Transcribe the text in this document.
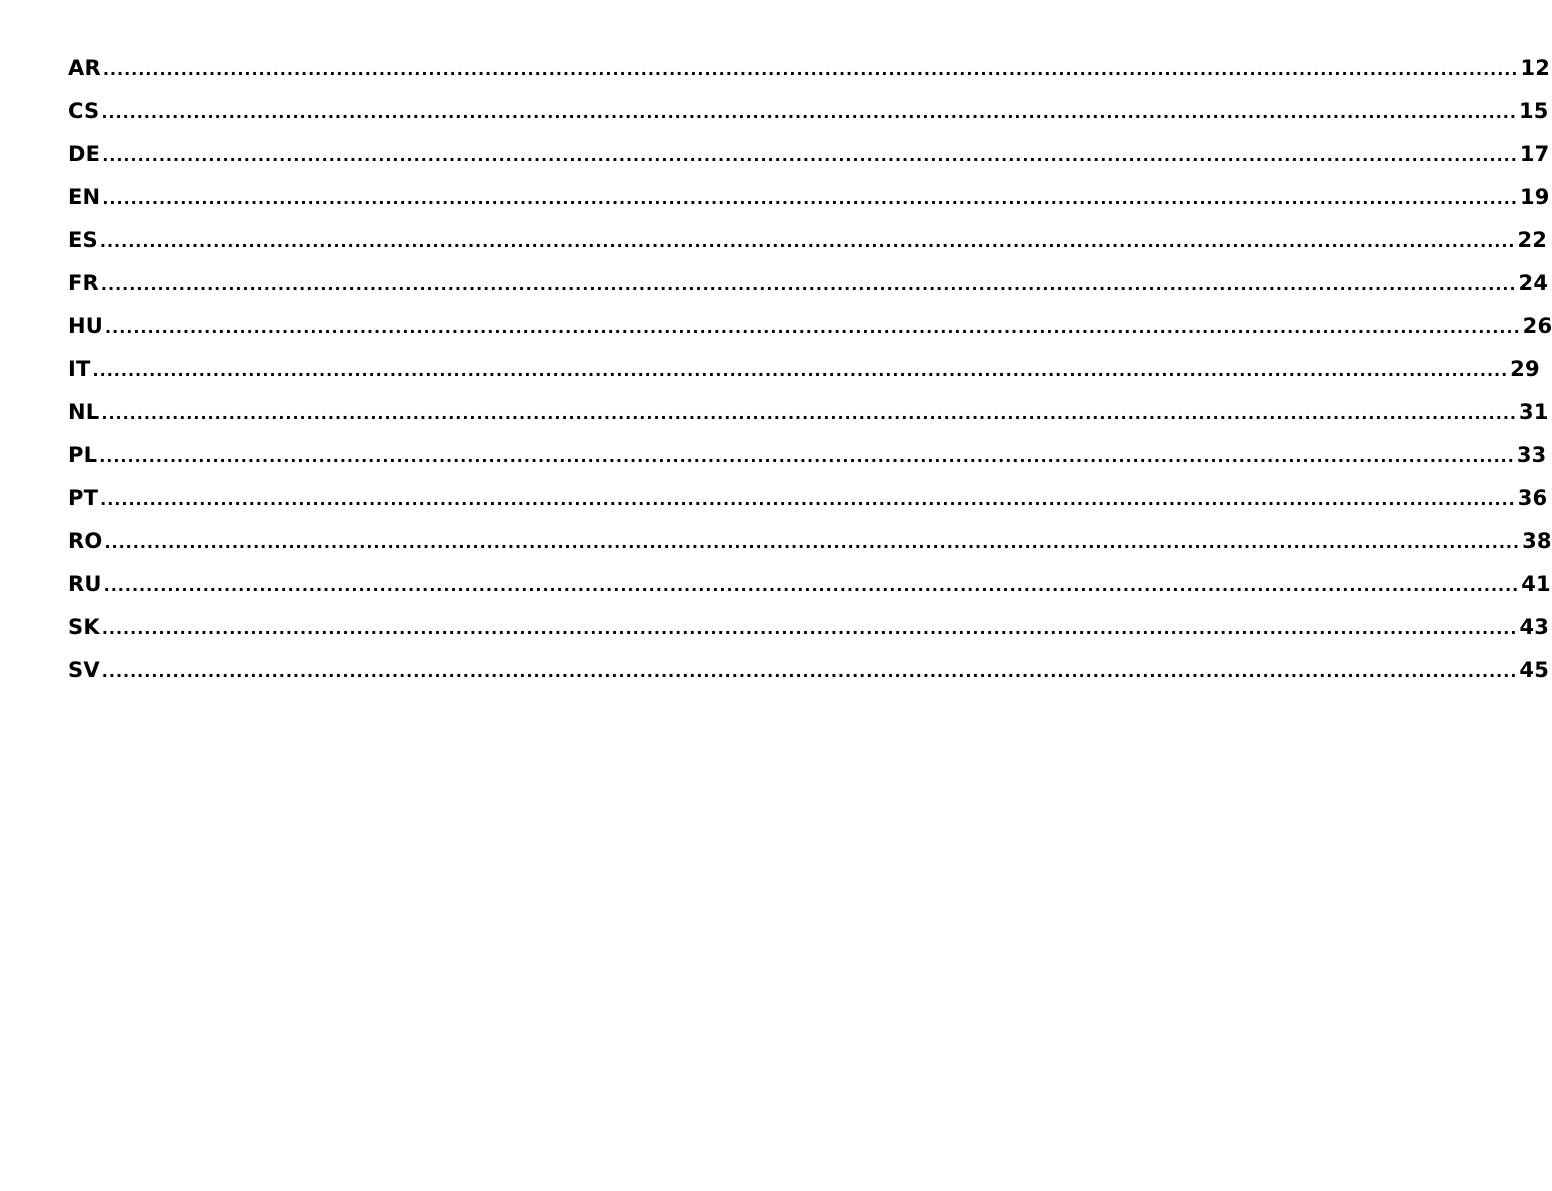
AR ........................................................................................................................................................................................................ 12
CS ........................................................................................................................................................................................................ 15
DE ........................................................................................................................................................................................................ 17
EN ........................................................................................................................................................................................................ 19
ES ........................................................................................................................................................................................................ 22
FR ........................................................................................................................................................................................................ 24
HU ........................................................................................................................................................................................................ 26
IT ........................................................................................................................................................................................................ 29
NL ........................................................................................................................................................................................................ 31
PL ........................................................................................................................................................................................................ 33
PT ........................................................................................................................................................................................................ 36
RO ........................................................................................................................................................................................................ 38
RU ........................................................................................................................................................................................................ 41
SK ........................................................................................................................................................................................................ 43
SV ........................................................................................................................................................................................................ 45
